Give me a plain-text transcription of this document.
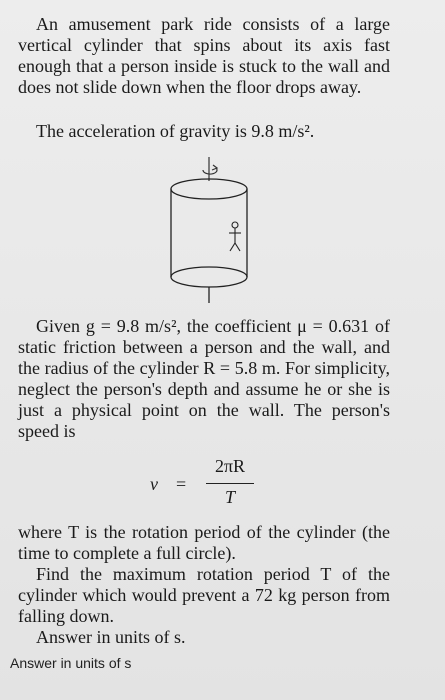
An amusement park ride consists of a large vertical cylinder that spins about its axis fast enough that a person inside is stuck to the wall and does not slide down when the floor drops away.

The acceleration of gravity is 9.8 m/s².

Given g = 9.8 m/s², the coefficient μ = 0.631 of static friction between a person and the wall, and the radius of the cylinder R = 5.8 m. For simplicity, neglect the person's depth and assume he or she is just a physical point on the wall. The person's speed is

v =
2πR
T

where T is the rotation period of the cylinder (the time to complete a full circle).

Find the maximum rotation period T of the cylinder which would prevent a 72 kg person from falling down.

Answer in units of s.

Answer in units of s
